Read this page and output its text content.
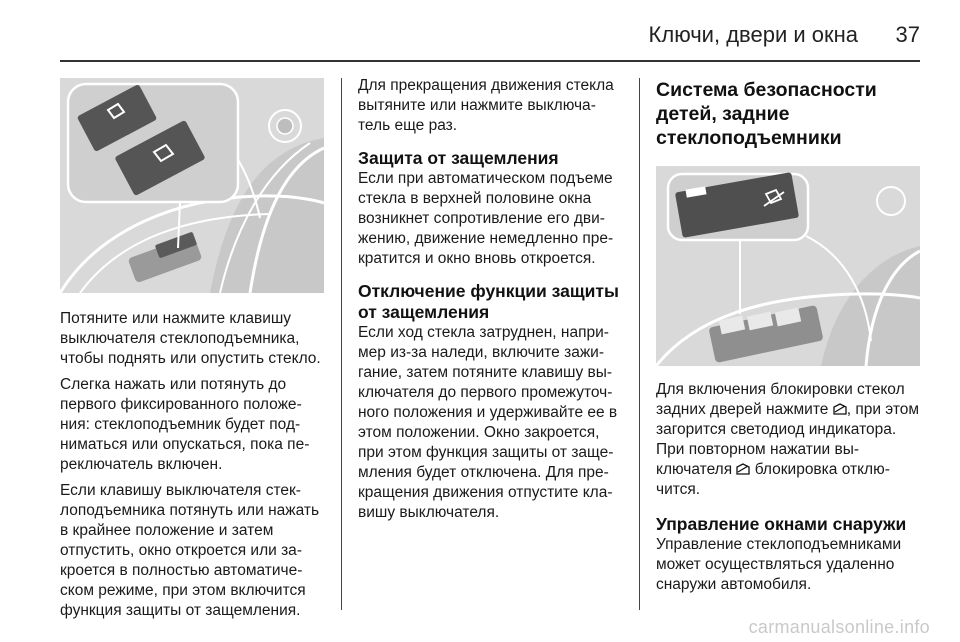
Ключи, двери и окна 37

Потяните или нажмите клавишу выключателя стеклоподъемника, чтобы поднять или опустить стекло.

Слегка нажать или потянуть до первого фиксированного положения: стеклоподъемник будет подниматься или опускаться, пока переключатель включен.

Если клавишу выключателя стеклоподъемника потянуть или нажать в крайнее положение и затем отпустить, окно откроется или закроется в полностью автоматическом режиме, при этом включится функция защиты от защемления.

Для прекращения движения стекла вытяните или нажмите выключатель еще раз.

Защита от защемления

Если при автоматическом подъеме стекла в верхней половине окна возникнет сопротивление его движению, движение немедленно прекратится и окно вновь откроется.

Отключение функции защиты от защемления

Если ход стекла затруднен, например из-за наледи, включите зажигание, затем потяните клавишу выключателя до первого промежуточного положения и удерживайте ее в этом положении. Окно закроется, при этом функция защиты от защемления будет отключена. Для прекращения движения отпустите клавишу выключателя.

Система безопасности детей, задние стеклоподъемники

Для включения блокировки стекол задних дверей нажмите , при этом загорится светодиод индикатора. При повторном нажатии выключателя блокировка отключится.

Управление окнами снаружи

Управление стеклоподъемниками может осуществляться удаленно снаружи автомобиля.

carmanualsonline.info
